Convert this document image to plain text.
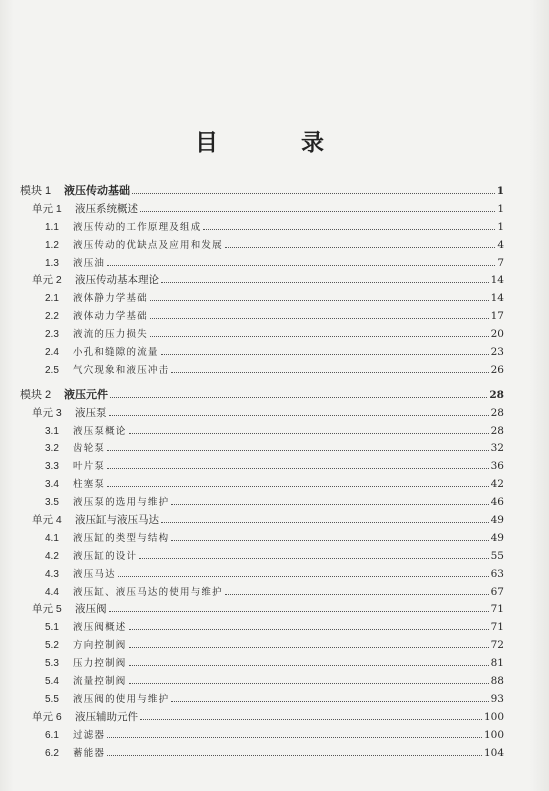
目　录
模块 1	液压传动基础	1
单元 1	液压系统概述	1
1.1	液压传动的工作原理及组成	1
1.2	液压传动的优缺点及应用和发展	4
1.3	液压油	7
单元 2	液压传动基本理论	14
2.1	液体静力学基础	14
2.2	液体动力学基础	17
2.3	液流的压力损失	20
2.4	小孔和缝隙的流量	23
2.5	气穴现象和液压冲击	26
模块 2	液压元件	28
单元 3	液压泵	28
3.1	液压泵概论	28
3.2	齿轮泵	32
3.3	叶片泵	36
3.4	柱塞泵	42
3.5	液压泵的选用与维护	46
单元 4	液压缸与液压马达	49
4.1	液压缸的类型与结构	49
4.2	液压缸的设计	55
4.3	液压马达	63
4.4	液压缸、液压马达的使用与维护	67
单元 5	液压阀	71
5.1	液压阀概述	71
5.2	方向控制阀	72
5.3	压力控制阀	81
5.4	流量控制阀	88
5.5	液压阀的使用与维护	93
单元 6	液压辅助元件	100
6.1	过滤器	100
6.2	蓄能器	104
